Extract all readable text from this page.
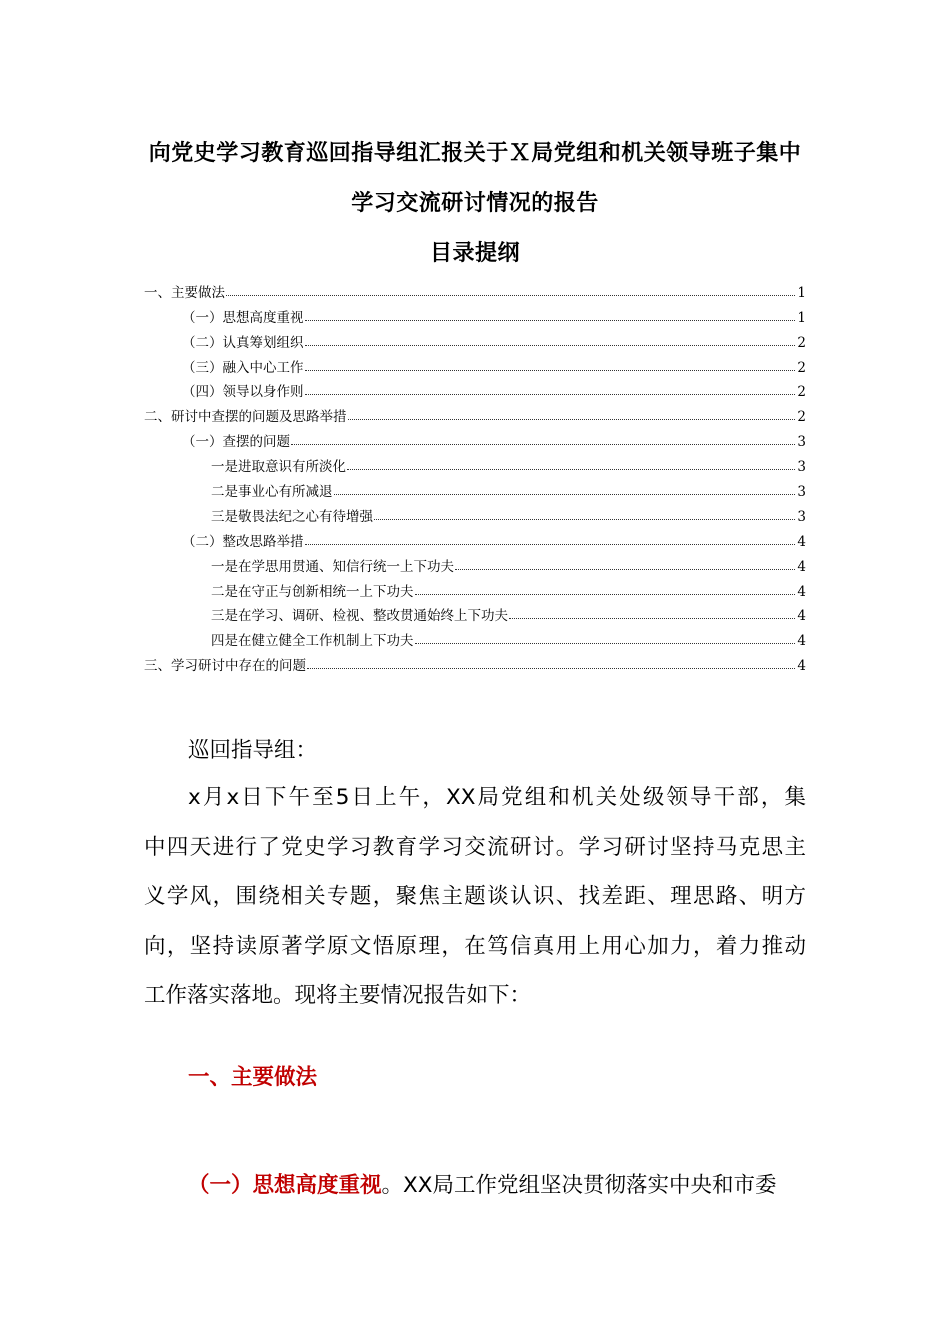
向党史学习教育巡回指导组汇报关于Ｘ局党组和机关领导班子集中
学习交流研讨情况的报告
目录提纲
一、主要做法	1
（一）思想高度重视	1
（二）认真筹划组织	2
（三）融入中心工作	2
（四）领导以身作则	2
二、研讨中查摆的问题及思路举措	2
（一）查摆的问题	3
一是进取意识有所淡化	3
二是事业心有所减退	3
三是敬畏法纪之心有待增强	3
（二）整改思路举措	4
一是在学思用贯通、知信行统一上下功夫	4
二是在守正与创新相统一上下功夫	4
三是在学习、调研、检视、整改贯通始终上下功夫	4
四是在健立健全工作机制上下功夫	4
三、学习研讨中存在的问题	4
巡回指导组：
x月x日下午至5日上午，XX局党组和机关处级领导干部，集
中四天进行了党史学习教育学习交流研讨。学习研讨坚持马克思主
义学风，围绕相关专题，聚焦主题谈认识、找差距、理思路、明方
向，坚持读原著学原文悟原理，在笃信真用上用心加力，着力推动
工作落实落地。现将主要情况报告如下：
一、主要做法
（一）思想高度重视。XX局工作党组坚决贯彻落实中央和市委
